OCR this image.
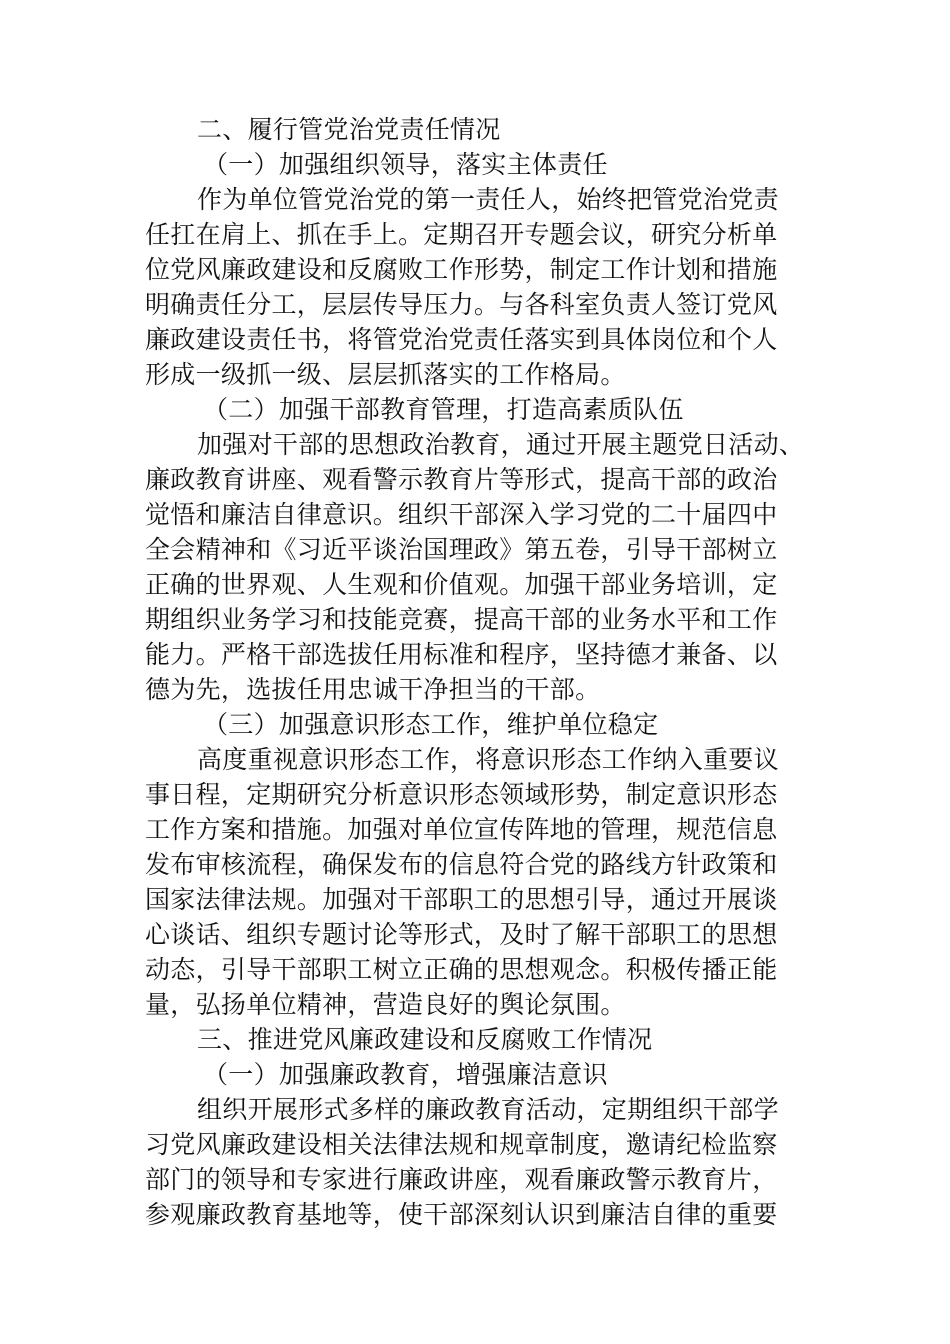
二、履行管党治党责任情况
（一）加强组织领导，落实主体责任
作为单位管党治党的第一责任人，始终把管党治党责
任扛在肩上、抓在手上。定期召开专题会议，研究分析单
位党风廉政建设和反腐败工作形势，制定工作计划和措施
明确责任分工，层层传导压力。与各科室负责人签订党风
廉政建设责任书，将管党治党责任落实到具体岗位和个人
形成一级抓一级、层层抓落实的工作格局。
（二）加强干部教育管理，打造高素质队伍
加强对干部的思想政治教育，通过开展主题党日活动、
廉政教育讲座、观看警示教育片等形式，提高干部的政治
觉悟和廉洁自律意识。组织干部深入学习党的二十届四中
全会精神和《习近平谈治国理政》第五卷，引导干部树立
正确的世界观、人生观和价值观。加强干部业务培训，定
期组织业务学习和技能竞赛，提高干部的业务水平和工作
能力。严格干部选拔任用标准和程序，坚持德才兼备、以
德为先，选拔任用忠诚干净担当的干部。
（三）加强意识形态工作，维护单位稳定
高度重视意识形态工作，将意识形态工作纳入重要议
事日程，定期研究分析意识形态领域形势，制定意识形态
工作方案和措施。加强对单位宣传阵地的管理，规范信息
发布审核流程，确保发布的信息符合党的路线方针政策和
国家法律法规。加强对干部职工的思想引导，通过开展谈
心谈话、组织专题讨论等形式，及时了解干部职工的思想
动态，引导干部职工树立正确的思想观念。积极传播正能
量，弘扬单位精神，营造良好的舆论氛围。
三、推进党风廉政建设和反腐败工作情况
（一）加强廉政教育，增强廉洁意识
组织开展形式多样的廉政教育活动，定期组织干部学
习党风廉政建设相关法律法规和规章制度，邀请纪检监察
部门的领导和专家进行廉政讲座，观看廉政警示教育片，
参观廉政教育基地等，使干部深刻认识到廉洁自律的重要
